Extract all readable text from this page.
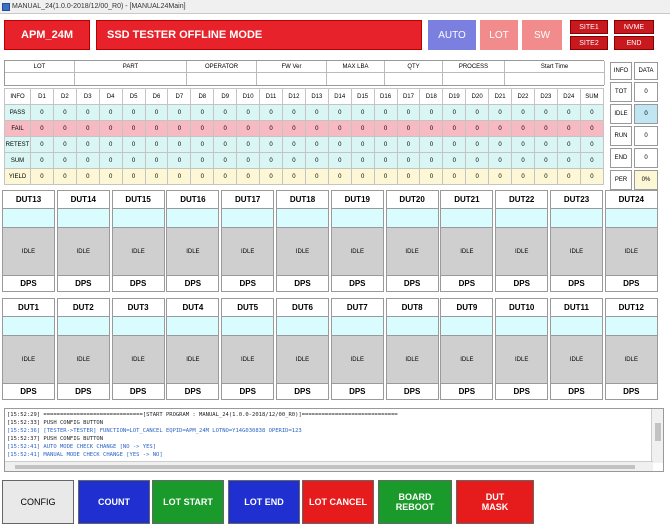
MANUAL_24(1.0.0-2018/12/00_R0) - [MANUAL24Main]
APM_24M	SSD TESTER OFFLINE MODE	AUTO	LOT	SW
SITE1
SITE2
NVME
END
LOT	PART	OPERATOR	FW Ver	MAX LBA	QTY	PROCESS	Start Time
INFO	D1	D2	D3	D4	D5	D6	D7	D8	D9	D10	D11	D12	D13	D14	D15	D16	D17	D18	D19	D20	D21	D22	D23	D24	SUM
PASS	0	0	0	0	0	0	0	0	0	0	0	0	0	0	0	0	0	0	0	0	0	0	0	0	0
FAIL	0	0	0	0	0	0	0	0	0	0	0	0	0	0	0	0	0	0	0	0	0	0	0	0	0
RETEST	0	0	0	0	0	0	0	0	0	0	0	0	0	0	0	0	0	0	0	0	0	0	0	0	0
SUM	0	0	0	0	0	0	0	0	0	0	0	0	0	0	0	0	0	0	0	0	0	0	0	0	0
YIELD	0	0	0	0	0	0	0	0	0	0	0	0	0	0	0	0	0	0	0	0	0	0	0	0	0
INFO	DATA
TOT	0
IDLE	0
RUN	0
END	0
PER	0%
DUT13
IDLE
DPS
DUT14
IDLE
DPS
DUT15
IDLE
DPS
DUT16
IDLE
DPS
DUT17
IDLE
DPS
DUT18
IDLE
DPS
DUT19
IDLE
DPS
DUT20
IDLE
DPS
DUT21
IDLE
DPS
DUT22
IDLE
DPS
DUT23
IDLE
DPS
DUT24
IDLE
DPS
DUT1
IDLE
DPS
DUT2
IDLE
DPS
DUT3
IDLE
DPS
DUT4
IDLE
DPS
DUT5
IDLE
DPS
DUT6
IDLE
DPS
DUT7
IDLE
DPS
DUT8
IDLE
DPS
DUT9
IDLE
DPS
DUT10
IDLE
DPS
DUT11
IDLE
DPS
DUT12
IDLE
DPS
[15:52:29] ==============================[START PROGRAM : MANUAL_24(1.0.0-2018/12/00_R0)]=============================
[15:52:33] PUSH CONFIG BUTTON
[15:52:36] [TESTER->TESTER] FUNCTION=LOT_CANCEL EQPID=APM_24M LOTNO=Y14G030838 OPERID=123
[15:52:37] PUSH CONFIG BUTTON
[15:52:41] AUTO MODE CHECK CHANGE [NO -> YES]
[15:52:41] MANUAL MODE CHECK CHANGE [YES -> NO]
CONFIG	COUNT	LOT START	LOT END	LOT CANCEL	BOARD
REBOOT
DUT
MASK
